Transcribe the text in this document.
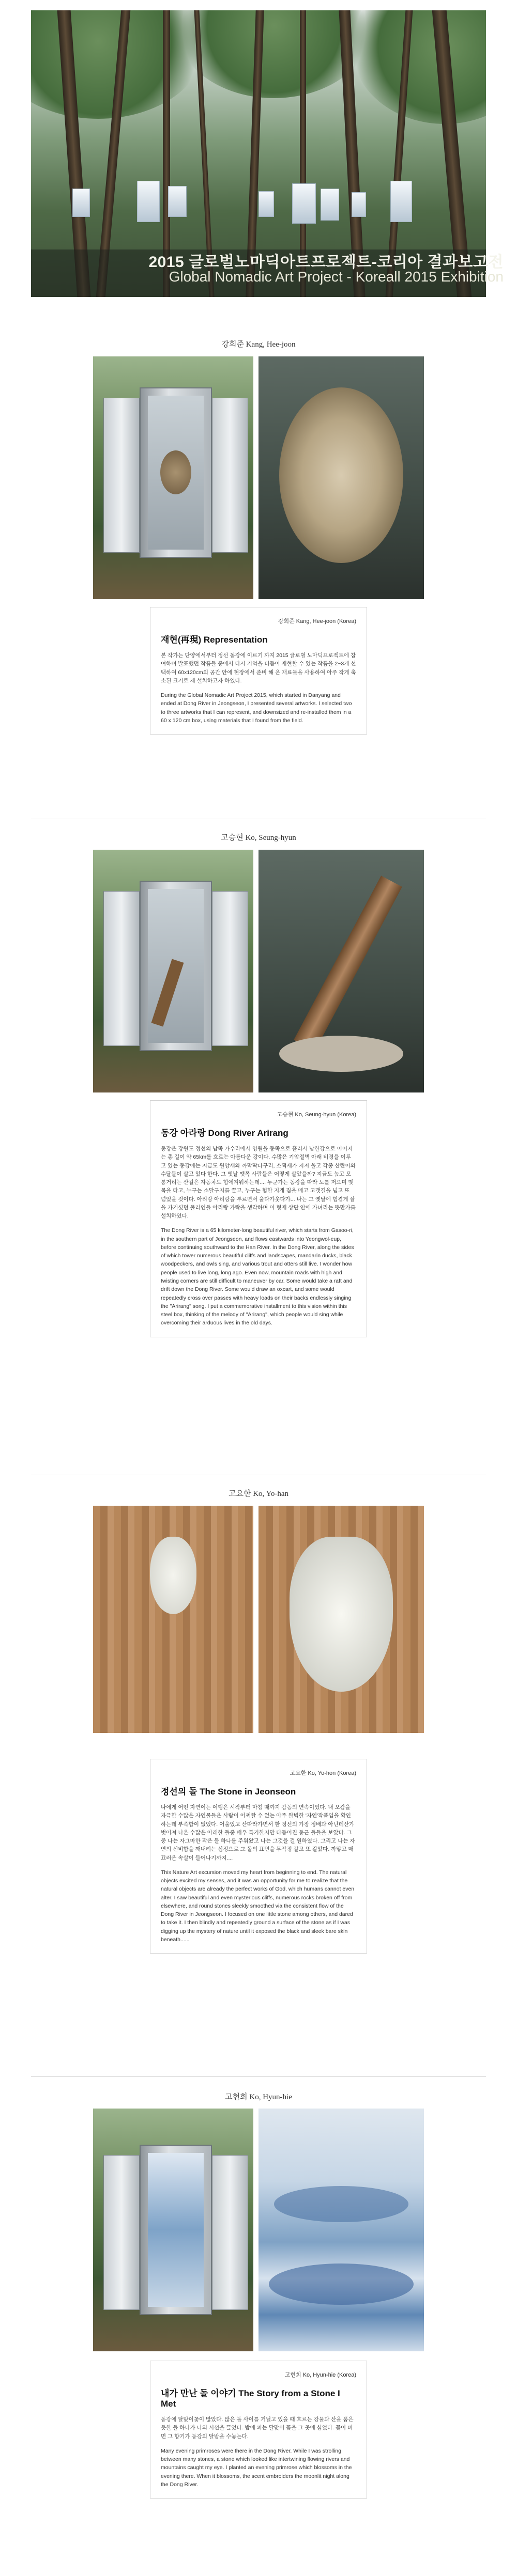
2015 글로벌노마딕아트프로젝트-코리아 결과보고전
Global Nomadic Art Project - Koreall 2015 Exhibition
강희준 Kang, Hee-joon
강희준 Kang, Hee-joon (Korea)
재현(再現) Representation

본 작가는 단양에서부터 정선 동강에 이르기 까지 2015 글로벌 노마딕프로젝트에 참여하며 발표했던 작품들 중에서 다시 기억을 더듬어 재현할 수 있는 작품을 2~3개 선택하여 60x120cm의 공간 안에 현장에서 준비 해 온 재료들을 사용하여 아주 작게 축소된 크기로 재 설치하고자 하였다.

During the Global Nomadic Art Project 2015, which started in Danyang and ended at Dong River in Jeongseon, I presented several artworks. I selected two to three artworks that I can represent, and downsized and re-installed them in a 60 x 120 cm box, using materials that I found from the field.

고승현 Ko, Seung-hyun
고승현 Ko, Seung-hyun (Korea)
동강 아라랑 Dong River Arirang

동강은 강원도 정선의 남쪽 가수리에서 영월을 동쪽으로 흘러서 남한강으로 이어지는 총 길이 약 65km를 흐르는 아름다운 강이다. 수많은 기암절벽 아래 비경을 이루고 있는 동강에는 지금도 원앙새와 까막딱다구리, 소쩍새가 지저 울고 각종 산란어와 수달들이 살고 있다 한다. 그 옛날 뗏목 사람들은 어떻게 살았을까? 지금도 높고 모퉁거리는 산길은 자동차도 힘에겨워하는데.... 누군가는 동강을 따라 노를 저으며 뗏목을 타고, 누구는 소달구지를 끌고, 누구는 험한 지게 짐을 메고 고갯길을 넘고 또 넘었을 것이다. 아리랑 아리랑을 부르면서 울다가웃다가... 나는 그 옛날에 힘겹게 살을 가거셨던 풀러인들 아리랑 가락을 생각하며 이 형제 상단 안에 가녀리는 뜻만가를 설치하였다.

The Dong River is a 65 kilometer-long beautiful river, which starts from Gasoo-ri, in the southern part of Jeongseon, and flows eastwards into Yeongwol-eup, before continuing southward to the Han River. In the Dong River, along the sides of which tower numerous beautiful cliffs and landscapes, mandarin ducks, black woodpeckers, and owls sing, and various trout and otters still live. I wonder how people used to live long, long ago. Even now, mountain roads with high and twisting corners are still difficult to maneuver by car. Some would take a raft and drift down the Dong River. Some would draw an oxcart, and some would repeatedly cross over passes with heavy loads on their backs endlessly singing the "Arirang" song. I put a commemorative installment to this vision within this steel box, thinking of the melody of "Arirang", which people would sing while overcoming their arduous lives in the old days.

고요한 Ko, Yo-han
고요한 Ko, Yo-hon (Korea)
정선의 돌 The Stone in Jeonseon

나에게 어떤 자연이는 여행은 시작부터 마침 때까지 감동의 연속이었다. 내 오감을 자극한 수많은 자연물들은 사람이 어쩌할 수 없는 아주 완벽한 '자연'작품임을 확인하는데 부족함이 없었다. 어울었고 산따라가면서 한 정선의 가장 정배과 아닌데산가 벗어져 나온 수많은 아래한 돌중 매우 특기한지만 다듬어진 동근 돌들을 보았다. 그 중 나는 자그마한 작은 돌 하나를 주워왔고 나는 그것을 걸 원하였다. 그리고 나는 자연의 신비함을 깨내려는 심정으로 그 돌의 표면을 무작정 갈고 또 갈았다. 까맣고 매끄러운 속살이 들어나기까지....

This Nature Art excursion moved my heart from beginning to end. The natural objects excited my senses, and it was an opportunity for me to realize that the natural objects are already the perfect works of God, which humans cannot even alter. I saw beautiful and even mysterious cliffs, numerous rocks broken off from elsewhere, and round stones sleekly smoothed via the consistent flow of the Dong River in Jeongseon. I focused on one little stone among others, and dared to take it. I then blindly and repeatedly ground a surface of the stone as if I was digging up the mystery of nature until it exposed the black and sleek bare skin beneath......

고현희 Ko, Hyun-hie
고현희 Ko, Hyun-hie (Korea)
내가 만난 돌 이야기 The Story from a Stone I Met

동강에 달맞이꽃이 많았다. 많은 돌 사이를 거닐고 있을 때 흐르는 강물과 산을 품은 듯한 돌 하나가 나의 시선을 끌었다. 밤에 피는 달맞이 꽃을 그 곳에 심었다. 꽃이 피면 그 향기가 동강의 달밤을 수놓는다.

Many evening primroses were there in the Dong River. While I was strolling between many stones, a stone which looked like intertwining flowing rivers and mountains caught my eye. I planted an evening primrose which blossoms in the evening there. When it blossoms, the scent embroiders the moonlit night along the Dong River.
